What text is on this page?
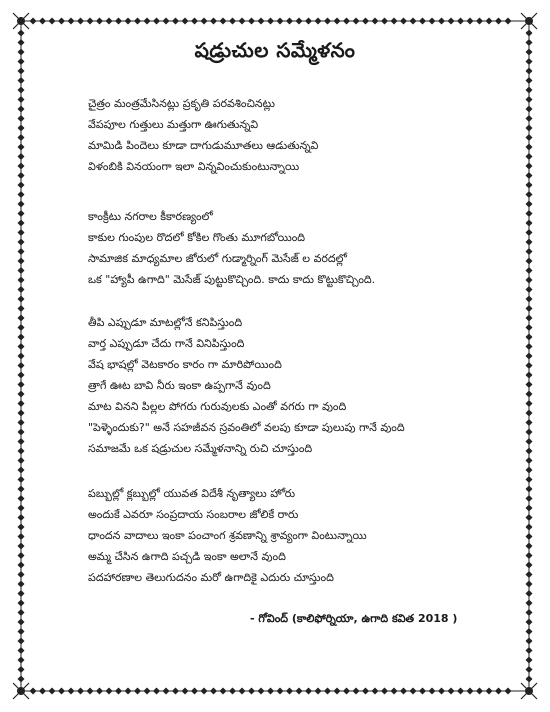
షడ్రుచుల సమ్మేళనం
చైత్రం మంత్రమేసినట్లు ప్రకృతి పరవశించినట్లు
వేపపూల గుత్తులు మత్తుగా ఊగుతున్నవి
మామిడి పిందెలు కూడా దాగుడుమూతలు ఆడుతున్నవి
విళంబికి వినయంగా ఇలా విన్నవించుకుంటున్నాయి
కాంక్రీటు నగరాల కీకారణ్యంలో
కాకుల గుంపుల రొదలో కోకిల గొంతు మూగబోయింది
సామాజిక మాధ్యమాల జోరులో గుడ్మార్నింగ్ మెసేజ్ ల వరదల్లో
ఒక "హ్యాపీ ఉగాది" మెసేజ్ పుట్టుకొచ్చింది. కాదు కాదు కొట్టుకొచ్చింది.
తీపి ఎప్పుడూ మాటల్లోనే కనిపిస్తుంది
వార్త ఎప్పుడూ చేదు గానే వినిపిస్తుంది
వేష భాషల్లో వెటకారం కారం గా మారిపోయింది
త్రాగే ఊట బావి నీరు ఇంకా ఉప్పగానే వుంది
మాట వినని పిల్లల పోగరు గురువులకు ఎంతో వగరు గా వుంది
"పెళ్ళెందుకు?" అనే సహజీవన స్రవంతిలో వలపు కూడా పులుపు గానే వుంది
సమాజమే ఒక షడ్రుచుల సమ్మేళనాన్ని రుచి చూస్తుంది
పబ్బుల్లో క్లబ్బుల్లో యువత విదేశీ నృత్యాలు హోరు
అందుకే ఎవరూ సంప్రదాయ సంబరాల జోలికే రారు
ధాందన వాదాలు ఇంకా పంచాంగ శ్రవణాన్ని శ్రావ్యంగా వింటున్నాయి
అమ్మ చేసిన ఉగాది పచ్చడి ఇంకా అలానే వుంది
పదహారణాల తెలుగుదనం మరో ఉగాదికై ఎదురు చూస్తుంది
- గోవింద్ (కాలిఫోర్నియా, ఉగాది కవిత 2018 )
